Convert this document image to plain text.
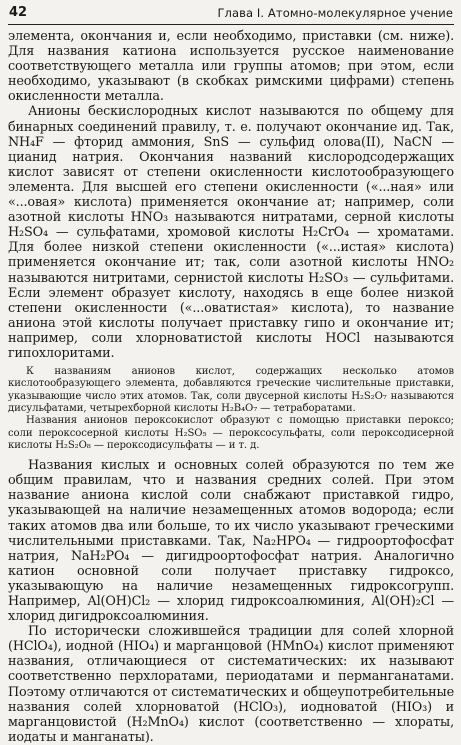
42	Глава I. Атомно-молекулярное учение

элемента, окончания и, если необходимо, приставки (см. ниже). Для названия катиона используется русское наименование соответствующего металла или группы атомов; при этом, если необходимо, указывают (в скобках римскими цифрами) степень окисленности металла.

Анионы бескислородных кислот называются по общему для бинарных соединений правилу, т. е. получают окончание ид. Так, NH₄F — фторид аммония, SnS — сульфид олова(II), NaCN — цианид натрия. Окончания названий кислородсодержащих кислот зависят от степени окисленности кислотообразующего элемента. Для высшей его степени окисленности («...ная» или «...овая» кислота) применяется окончание ат; например, соли азотной кислоты HNO₃ называются нитратами, серной кислоты H₂SO₄ — сульфатами, хромовой кислоты H₂CrO₄ — хроматами. Для более низкой степени окисленности («...истая» кислота) применяется окончание ит; так, соли азотной кислоты HNO₂ называются нитритами, сернистой кислоты H₂SO₃ — сульфитами. Если элемент образует кислоту, находясь в еще более низкой степени окисленности («...оватистая» кислота), то название аниона этой кислоты получает приставку гипо и окончание ит; например, соли хлорноватистой кислоты HOCl называются гипохлоритами.

К названиям анионов кислот, содержащих несколько атомов кислотообразующего элемента, добавляются греческие числительные приставки, указывающие число этих атомов. Так, соли двусерной кислоты H₂S₂O₇ называются дисульфатами, четырехборной кислоты H₂B₄O₇ — тетраборатами.

Названия анионов пероксокислот образуют с помощью приставки пероксо; соли пероксосерной кислоты H₂SO₅ — пероксосульфаты, соли пероксодисерной кислоты H₂S₂O₈ — пероксодисульфаты — и т. д.

Названия кислых и основных солей образуются по тем же общим правилам, что и названия средних солей. При этом название аниона кислой соли снабжают приставкой гидро, указывающей на наличие незамещенных атомов водорода; если таких атомов два или больше, то их число указывают греческими числительными приставками. Так, Na₂HPO₄ — гидроортофосфат натрия, NaH₂PO₄ — дигидроортофосфат натрия. Аналогично катион основной соли получает приставку гидроксо, указывающую на наличие незамещенных гидроксогрупп. Например, Al(OH)Cl₂ — хлорид гидроксоалюминия, Al(OH)₂Cl — хлорид дигидроксоалюминия.

По исторически сложившейся традиции для солей хлорной (HClO₄), иодной (HIO₄) и марганцовой (HMnO₄) кислот применяют названия, отличающиеся от систематических: их называют соответственно перхлоратами, периодатами и перманганатами. Поэтому отличаются от систематических и общеупотребительные названия солей хлорноватой (HClO₃), иодноватой (HIO₃) и марганцовистой (H₂MnO₄) кислот (соответственно — хлораты, иодаты и манганаты).
